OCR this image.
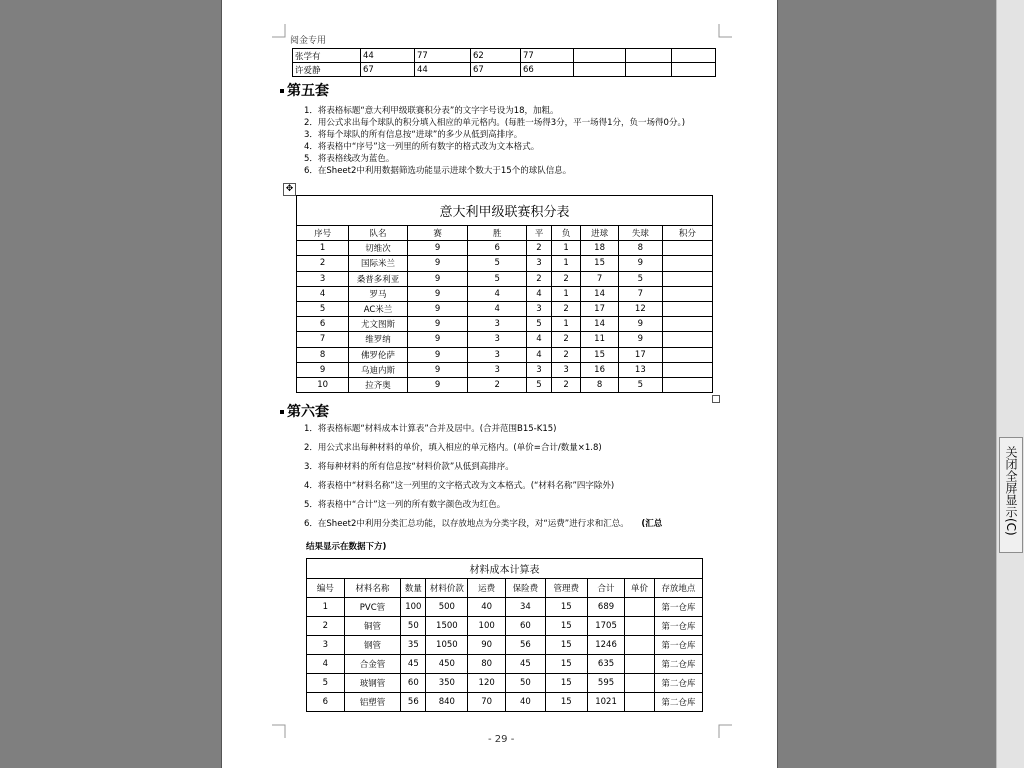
阅金专用
张学有	44	77	62	77			
许爱静	67	44	67	66			
第五套
1．将表格标题“意大利甲级联赛积分表”的文字字号设为18，加粗。
2．用公式求出每个球队的积分填入相应的单元格内。(每胜一场得3分，平一场得1分，负一场得0分。)
3．将每个球队的所有信息按“进球”的多少从低到高排序。
4．将表格中“序号”这一列里的所有数字的格式改为文本格式。
5．将表格线改为蓝色。
6．在Sheet2中利用数据筛选功能显示进球个数大于15个的球队信息。
✥
意大利甲级联赛积分表								
序号	队名	赛	胜	平	负	进球	失球	积分
1	切维次	9	6	2	1	18	8	
2	国际米兰	9	5	3	1	15	9	
3	桑普多利亚	9	5	2	2	7	5	
4	罗马	9	4	4	1	14	7	
5	AC米兰	9	4	3	2	17	12	
6	尤文图斯	9	3	5	1	14	9	
7	维罗纳	9	3	4	2	11	9	
8	佛罗伦萨	9	3	4	2	15	17	
9	乌迪内斯	9	3	3	3	16	13	
10	拉齐奥	9	2	5	2	8	5	
第六套
1．将表格标题“材料成本计算表”合并及居中。(合并范围B15-K15)
2．用公式求出每种材料的单价，填入相应的单元格内。(单价=合计/数量×1.8)
3．将每种材料的所有信息按“材料价款”从低到高排序。
4．将表格中“材料名称”这一列里的文字格式改为文本格式。(“材料名称”四字除外)
5．将表格中“合计”这一列的所有数字颜色改为红色。
6．在Sheet2中利用分类汇总功能，以存放地点为分类字段，对“运费”进行求和汇总。 (汇总
结果显示在数据下方)
材料成本计算表									
编号	材料名称	数量	材料价款	运费	保险费	管理费	合计	单价	存放地点
1	PVC管	100	500	40	34	15	689		第一仓库
2	铜管	50	1500	100	60	15	1705		第一仓库
3	钢管	35	1050	90	56	15	1246		第一仓库
4	合金管	45	450	80	45	15	635		第二仓库
5	玻钢管	60	350	120	50	15	595		第二仓库
6	铝塑管	56	840	70	40	15	1021		第二仓库
- 29 -
关闭全屏显示(C)
